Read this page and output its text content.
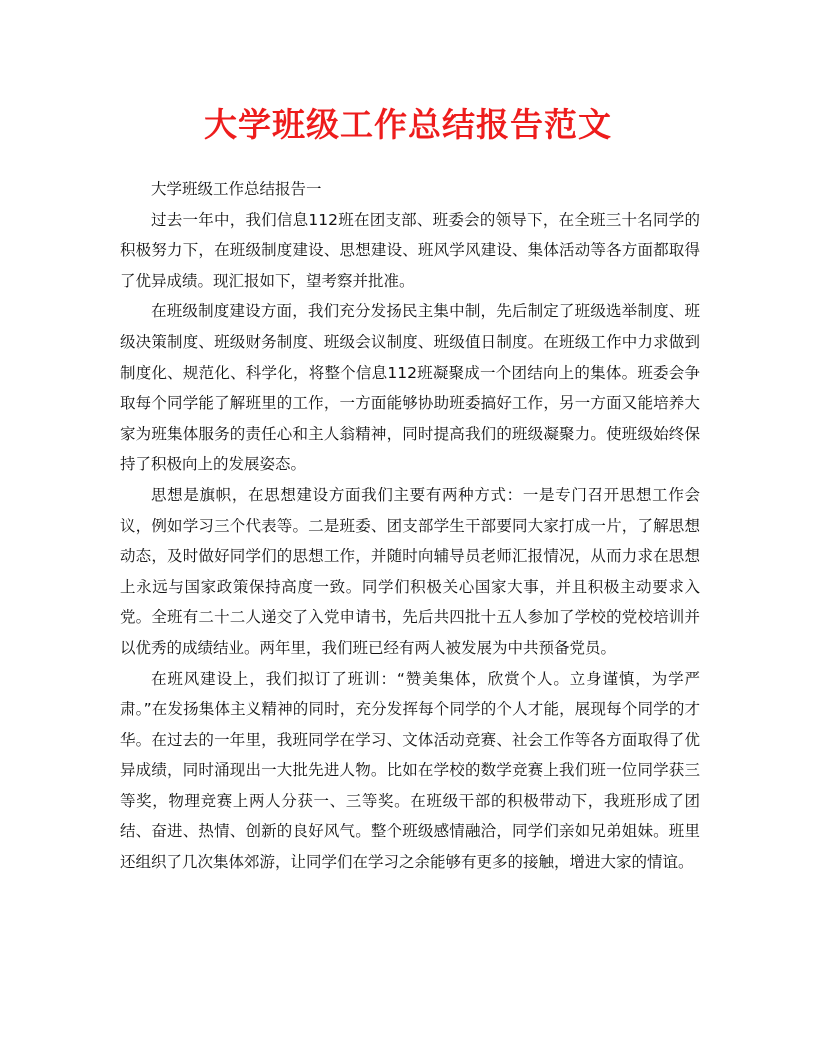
大学班级工作总结报告范文

大学班级工作总结报告一

过去一年中，我们信息112班在团支部、班委会的领导下，在全班三十名同学的积极努力下，在班级制度建设、思想建设、班风学风建设、集体活动等各方面都取得了优异成绩。现汇报如下，望考察并批准。

在班级制度建设方面，我们充分发扬民主集中制，先后制定了班级选举制度、班级决策制度、班级财务制度、班级会议制度、班级值日制度。在班级工作中力求做到制度化、规范化、科学化，将整个信息112班凝聚成一个团结向上的集体。班委会争取每个同学能了解班里的工作，一方面能够协助班委搞好工作，另一方面又能培养大家为班集体服务的责任心和主人翁精神，同时提高我们的班级凝聚力。使班级始终保持了积极向上的发展姿态。

思想是旗帜，在思想建设方面我们主要有两种方式：一是专门召开思想工作会议，例如学习三个代表等。二是班委、团支部学生干部要同大家打成一片，了解思想动态，及时做好同学们的思想工作，并随时向辅导员老师汇报情况，从而力求在思想上永远与国家政策保持高度一致。同学们积极关心国家大事，并且积极主动要求入党。全班有二十二人递交了入党申请书，先后共四批十五人参加了学校的党校培训并以优秀的成绩结业。两年里，我们班已经有两人被发展为中共预备党员。

在班风建设上，我们拟订了班训：“赞美集体，欣赏个人。立身谨慎，为学严肃。”在发扬集体主义精神的同时，充分发挥每个同学的个人才能，展现每个同学的才华。在过去的一年里，我班同学在学习、文体活动竞赛、社会工作等各方面取得了优异成绩，同时涌现出一大批先进人物。比如在学校的数学竞赛上我们班一位同学获三等奖，物理竞赛上两人分获一、三等奖。在班级干部的积极带动下，我班形成了团结、奋进、热情、创新的良好风气。整个班级感情融洽，同学们亲如兄弟姐妹。班里还组织了几次集体郊游，让同学们在学习之余能够有更多的接触，增进大家的情谊。
